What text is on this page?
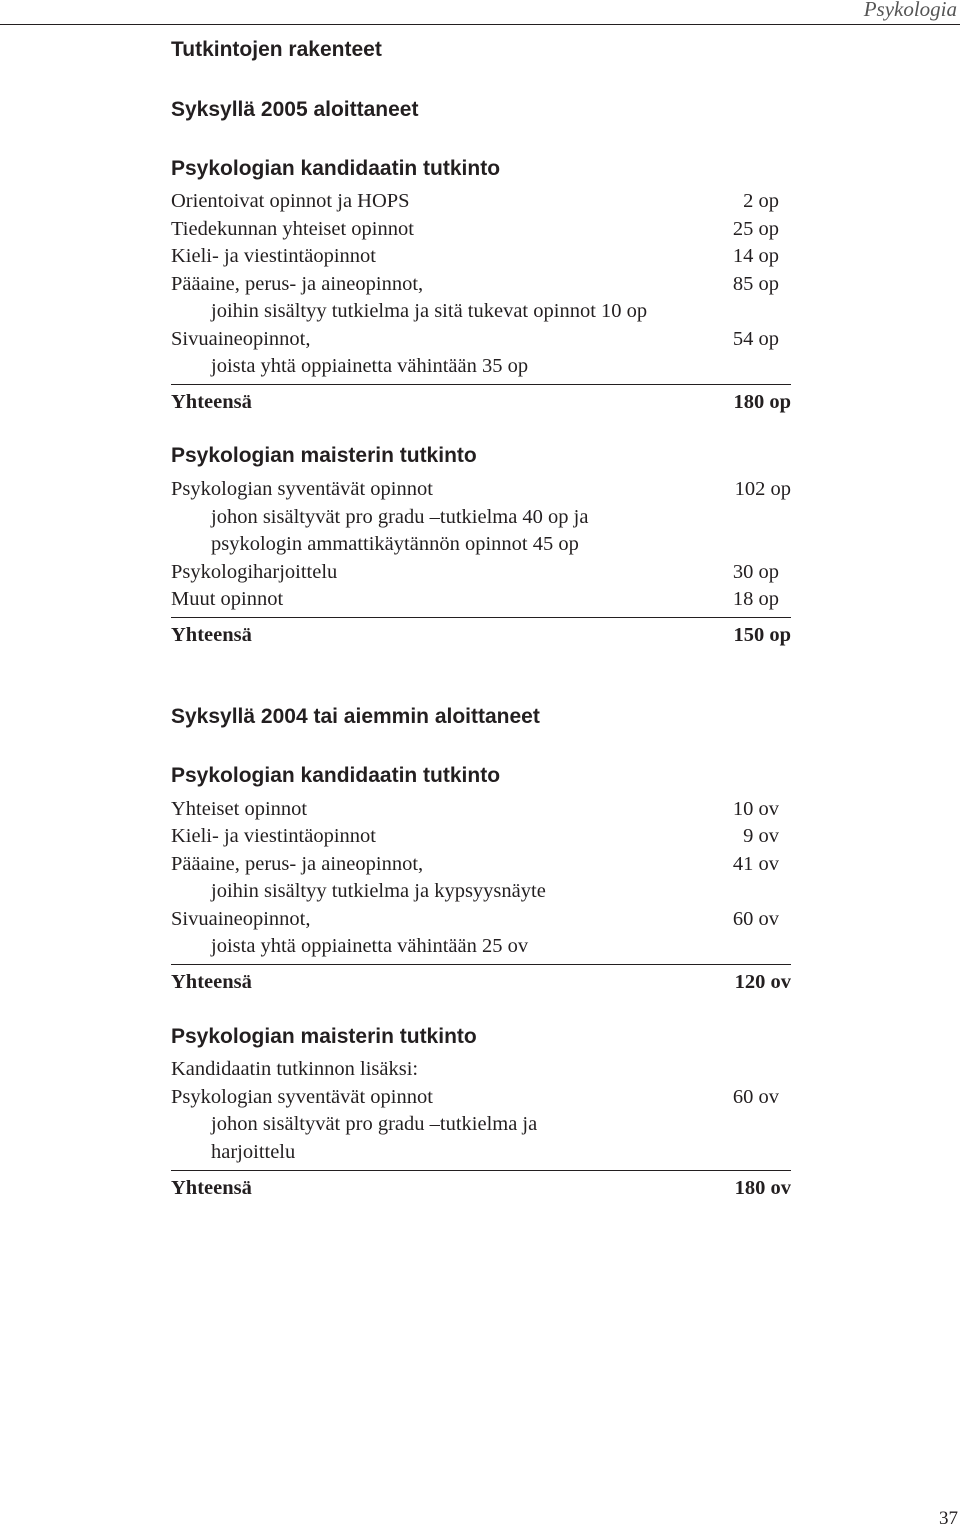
Psykologia
Tutkintojen rakenteet
Syksyllä 2005 aloittaneet
Psykologian kandidaatin tutkinto
Orientoivat opinnot ja HOPS	2 op
Tiedekunnan yhteiset opinnot	25 op
Kieli- ja viestintäopinnot	14 op
Pääaine, perus- ja aineopinnot,	85 op
joihin sisältyy tutkielma ja sitä tukevat opinnot 10 op
Sivuaineopinnot,	54 op
joista yhtä oppiainetta vähintään 35 op
Yhteensä	180 op
Psykologian maisterin tutkinto
Psykologian syventävät opinnot	102 op
johon sisältyvät pro gradu –tutkielma 40 op ja
psykologin ammattikäytännön opinnot 45 op
Psykologiharjoittelu	30 op
Muut opinnot	18 op
Yhteensä	150 op
Syksyllä 2004 tai aiemmin aloittaneet
Psykologian kandidaatin tutkinto
Yhteiset opinnot	10 ov
Kieli- ja viestintäopinnot	9 ov
Pääaine, perus- ja aineopinnot,	41 ov
joihin sisältyy tutkielma ja kypsyysnäyte
Sivuaineopinnot,	60 ov
joista yhtä oppiainetta vähintään 25 ov
Yhteensä	120 ov
Psykologian maisterin tutkinto
Kandidaatin tutkinnon lisäksi:
Psykologian syventävät opinnot	60 ov
johon sisältyvät pro gradu –tutkielma ja
harjoittelu
Yhteensä	180 ov
37
